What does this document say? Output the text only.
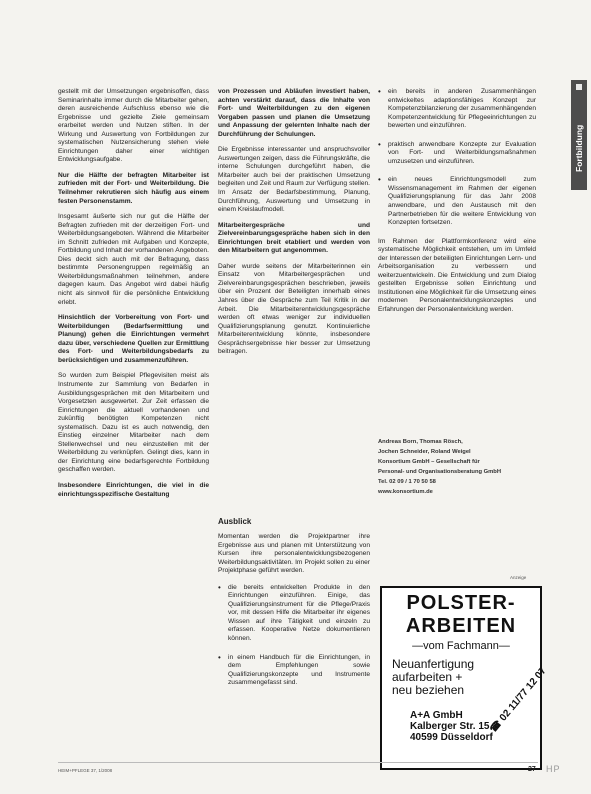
gestellt mit der Umsetzungen ergebnisoffen, dass Seminarinhalte immer durch die Mitarbeiter gehen, deren ausreichende Aufschluss ebenso wie die Ergebnisse und gezielte Ziele gemeinsam erarbeitet werden und Nutzen stiften. In der Wirkung und Auswertung von Fortbildungen zur systematischen Nutzensicherung stehen viele Einrichtungen daher einer wichtigen Entwicklungsaufgabe.

Nur die Hälfte der befragten Mitarbeiter ist zufrieden mit der Fort- und Weiterbildung. Die Teilnehmer rekrutieren sich häufig aus einem festen Personenstamm.

Insgesamt äußerte sich nur gut die Hälfte der Befragten zufrieden mit der derzeitigen Fort- und Weiterbildungsangeboten. Während die Mitarbeiter im Schnitt zufrieden mit Aufgaben und Konzepte, Fortbildung und Inhalt der vorhandenen Angeboten. Dies deckt sich auch mit der Befragung, dass bestimmte Personengruppen regelmäßig an Weiterbildungsmaßnahmen teilnehmen, andere dagegen kaum. Das Angebot wird dabei häufig nicht als sinnvoll für die persönliche Entwicklung erlebt.

Hinsichtlich der Vorbereitung von Fort- und Weiterbildungen (Bedarfsermittlung und Planung) gehen die Einrichtungen vermehrt dazu über, verschiedene Quellen zur Ermittlung des Fort- und Weiterbildungsbedarfs zu berücksichtigen und zusammenzuführen.

So wurden zum Beispiel Pflegevisiten meist als Instrumente zur Sammlung von Bedarfen in Ausbildungsgesprächen mit den Mitarbeitern und Vorgesetzten ausgewertet. Zur Zeit erfassen die Einrichtungen die aktuell vorhandenen und zukünftig benötigten Kompetenzen nicht systematisch. Dazu ist es auch notwendig, den Einstieg einzelner Mitarbeiter nach dem Stellenwechsel und neu einzustellen mit der Weiterbildung zu verknüpfen. Gelingt dies, kann in der Einrichtung eine bedarfsgerechte Fortbildung geschaffen werden.

Insbesondere Einrichtungen, die viel in die einrichtungsspezifische Gestaltung

von Prozessen und Abläufen investiert haben, achten verstärkt darauf, dass die Inhalte von Fort- und Weiterbildungen zu den eigenen Vorgaben passen und planen die Umsetzung und Anpassung der gelernten Inhalte nach der Durchführung der Schulungen.

Die Ergebnisse interessanter und anspruchsvoller Auswertungen zeigen, dass die Führungskräfte, die interne Schulungen durchgeführt haben, die Mitarbeiter auch bei der praktischen Umsetzung begleiten und Zeit und Raum zur Verfügung stellen. Im Ansatz der Bedarfsbestimmung, Planung, Durchführung, Auswertung und Umsetzung in einem Kreislaufmodell.

Mitarbeitergespräche und Zielvereinbarungsgespräche haben sich in den Einrichtungen breit etabliert und werden von den Mitarbeitern gut angenommen.

Daher wurde seitens der Mitarbeiterinnen ein Einsatz von Mitarbeitergesprächen und Zielvereinbarungsgesprächen beschrieben, jeweils über ein Prozent der Beteiligten innerhalb eines Jahres über die Gespräche zum Teil Kritik in der Arbeit. Die Mitarbeiterentwicklungsgespräche werden oft etwas weniger zur individuellen Qualifizierungsplanung genutzt. Kontinuierliche Mitarbeiterentwicklung könnte, insbesondere Gesprächsergebnisse hier besser zur Umsetzung beitragen.

Ausblick

Momentan werden die Projektpartner ihre Ergebnisse aus und planen mit Unterstützung von Kursen ihre personalentwicklungsbezogenen Weiterbildungsaktivitäten. Im Projekt sollen zu einer Projektphase geführt werden.

• die bereits entwickelten Produkte in den Einrichtungen einzuführen. Einige, das Qualifizierungsinstrument für die Pflege/Praxis vor, mit dessen Hilfe die Mitarbeiter ihr eigenes Wissen auf ihre Tätigkeit und einzeln zu erfassen. Kooperative Netze dokumentieren können.
• in einem Handbuch für die Einrichtungen, in dem Empfehlungen sowie Qualifizierungskonzepte und Instrumente zusammengefasst sind.
• ein bereits in anderen Zusammenhängen entwickeltes adaptionsfähiges Konzept zur Kompetenzbilanzierung der zusammenhängenden Kompetenzentwicklung für Pflegeeinrichtungen zu bewerten und einzuführen.
• praktisch anwendbare Konzepte zur Evaluation von Fort- und Weiterbildungsmaßnahmen umzusetzen und einzuführen.
• ein neues Einrichtungsmodell zum Wissensmanagement im Rahmen der eigenen Qualifizierungsplanung für das Jahr 2008 anwendbare, und den Austausch mit den Partnerbetrieben für die weitere Entwicklung von Konzepten fortsetzen.

Im Rahmen der Plattformkonferenz wird eine systematische Möglichkeit entstehen, um im Umfeld der Interessen der beteiligten Einrichtungen Lern- und Arbeitsorganisation zu verbessern und weiterzuentwickeln. Die Entwicklung und zum Dialog gestellten Ergebnisse sollen Einrichtung und Institutionen eine Möglichkeit für die Umsetzung eines modernen Personalentwicklungskonzeptes und Erfahrungen der Personalentwicklung werden.

Andreas Born, Thomas Rösch,
Jochen Schneider, Roland Weigel
Konsortium GmbH – Gesellschaft für
Personal- und Organisationsberatung GmbH
Tel. 02 09 / 1 70 50 58
www.konsortium.de
Fortbildung
Anzeige
POLSTER-
ARBEITEN
—vom Fachmann—
Neuanfertigung
aufarbeiten +
neu beziehen
A+A GmbH
Kalberger Str. 15
40599 Düsseldorf
☎ 02 11/77 12 07
HEIM+PFLEGE 37, 1/2008	27 HP
